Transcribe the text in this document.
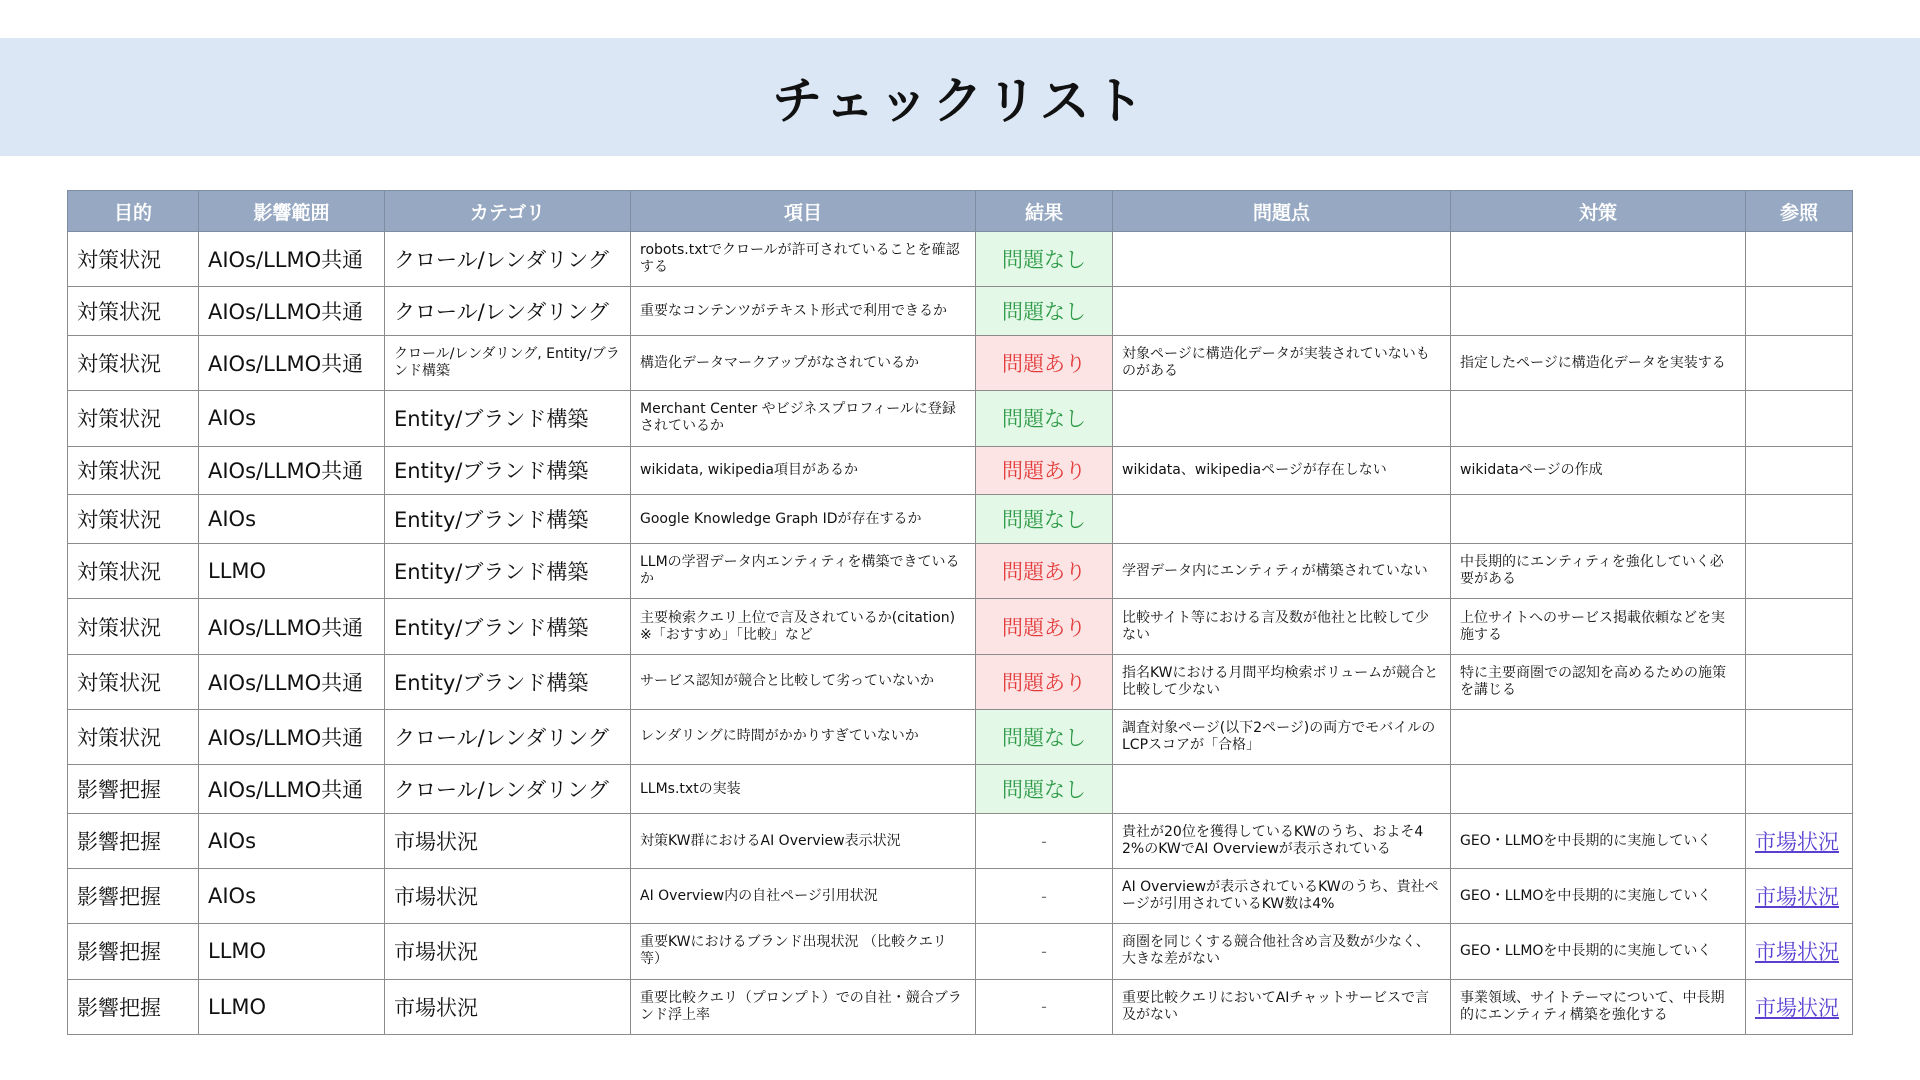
チェックリスト
目的	影響範囲	カテゴリ	項目	結果	問題点	対策	参照
対策状況	AIOs/LLMO共通	クロール/レンダリング	robots.txtでクロールが許可されていることを確認する	問題なし			
対策状況	AIOs/LLMO共通	クロール/レンダリング	重要なコンテンツがテキスト形式で利用できるか	問題なし			
対策状況	AIOs/LLMO共通	クロール/レンダリング, Entity/ブランド構築	構造化データマークアップがなされているか	問題あり	対象ページに構造化データが実装されていないものがある	指定したページに構造化データを実装する	
対策状況	AIOs	Entity/ブランド構築	Merchant Center やビジネスプロフィールに登録されているか	問題なし			
対策状況	AIOs/LLMO共通	Entity/ブランド構築	wikidata, wikipedia項目があるか	問題あり	wikidata、wikipediaページが存在しない	wikidataページの作成	
対策状況	AIOs	Entity/ブランド構築	Google Knowledge Graph IDが存在するか	問題なし			
対策状況	LLMO	Entity/ブランド構築	LLMの学習データ内エンティティを構築できているか	問題あり	学習データ内にエンティティが構築されていない	中長期的にエンティティを強化していく必要がある	
対策状況	AIOs/LLMO共通	Entity/ブランド構築	主要検索クエリ上位で言及されているか(citation) ※「おすすめ」「比較」など	問題あり	比較サイト等における言及数が他社と比較して少ない	上位サイトへのサービス掲載依頼などを実施する	
対策状況	AIOs/LLMO共通	Entity/ブランド構築	サービス認知が競合と比較して劣っていないか	問題あり	指名KWにおける月間平均検索ボリュームが競合と比較して少ない	特に主要商圏での認知を高めるための施策を講じる	
対策状況	AIOs/LLMO共通	クロール/レンダリング	レンダリングに時間がかかりすぎていないか	問題なし	調査対象ページ(以下2ページ)の両方でモバイルのLCPスコアが「合格」		
影響把握	AIOs/LLMO共通	クロール/レンダリング	LLMs.txtの実装	問題なし			
影響把握	AIOs	市場状況	対策KW群におけるAI Overview表示状況	-	貴社が20位を獲得しているKWのうち、およそ42%のKWでAI Overviewが表示されている	GEO・LLMOを中長期的に実施していく	市場状況
影響把握	AIOs	市場状況	AI Overview内の自社ページ引用状況	-	AI Overviewが表示されているKWのうち、貴社ページが引用されているKW数は4%	GEO・LLMOを中長期的に実施していく	市場状況
影響把握	LLMO	市場状況	重要KWにおけるブランド出現状況 （比較クエリ等）	-	商圏を同じくする競合他社含め言及数が少なく、大きな差がない	GEO・LLMOを中長期的に実施していく	市場状況
影響把握	LLMO	市場状況	重要比較クエリ（プロンプト）での自社・競合ブランド浮上率	-	重要比較クエリにおいてAIチャットサービスで言及がない	事業領域、サイトテーマについて、中長期的にエンティティ構築を強化する	市場状況
